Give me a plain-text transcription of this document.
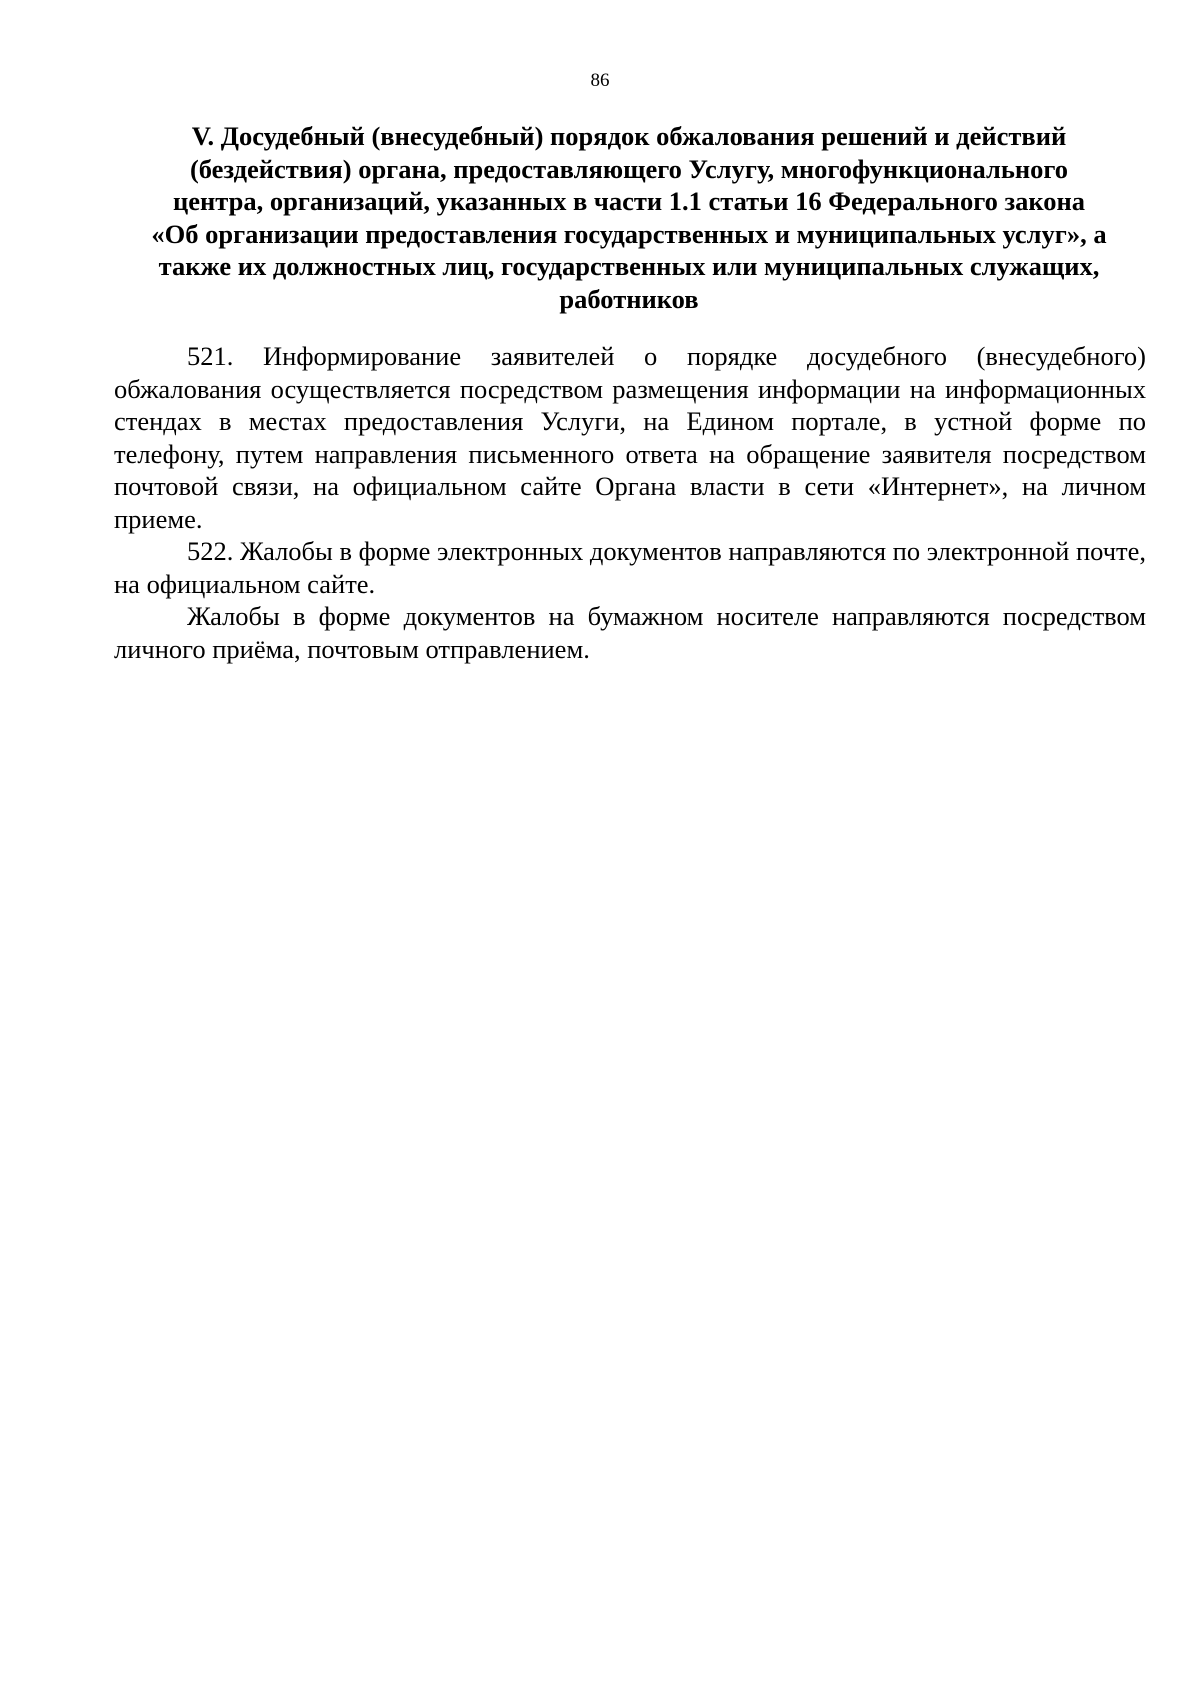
86
V. Досудебный (внесудебный) порядок обжалования решений и действий
(бездействия) органа, предоставляющего Услугу, многофункционального
центра, организаций, указанных в части 1.1 статьи 16 Федерального закона
«Об организации предоставления государственных и муниципальных услуг», а
также их должностных лиц, государственных или муниципальных служащих,
работников

521. Информирование заявителей о порядке досудебного (внесудебного) обжалования осуществляется посредством размещения информации на информационных стендах в местах предоставления Услуги, на Едином портале, в устной форме по телефону, путем направления письменного ответа на обращение заявителя посредством почтовой связи, на официальном сайте Органа власти в сети «Интернет», на личном приеме.

522. Жалобы в форме электронных документов направляются по электронной почте, на официальном сайте.

Жалобы в форме документов на бумажном носителе направляются посредством личного приёма, почтовым отправлением.
